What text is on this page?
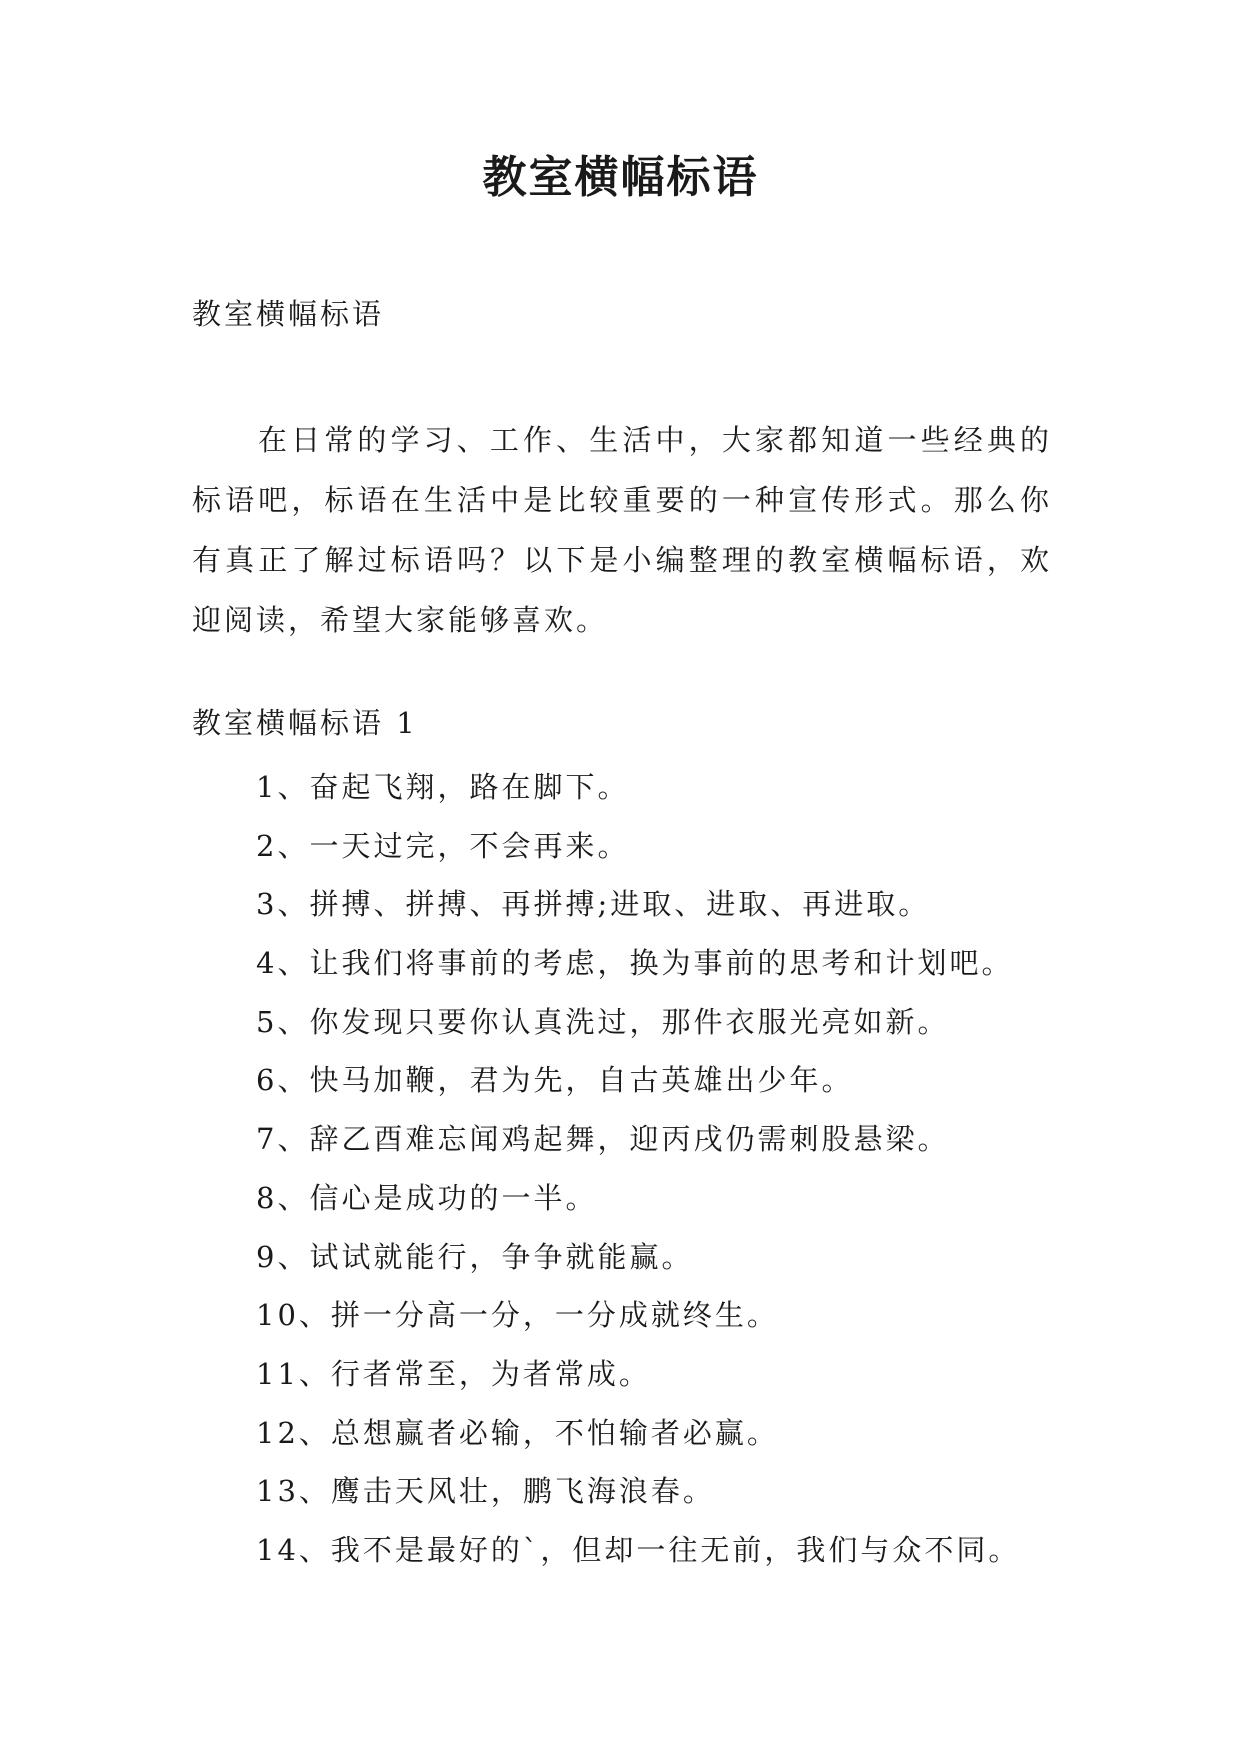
教室横幅标语
教室横幅标语

在日常的学习、工作、生活中，大家都知道一些经典的标语吧，标语在生活中是比较重要的一种宣传形式。那么你有真正了解过标语吗？以下是小编整理的教室横幅标语，欢迎阅读，希望大家能够喜欢。

教室横幅标语 1
1、奋起飞翔，路在脚下。
2、一天过完，不会再来。
3、拼搏、拼搏、再拼搏;进取、进取、再进取。
4、让我们将事前的考虑，换为事前的思考和计划吧。
5、你发现只要你认真洗过，那件衣服光亮如新。
6、快马加鞭，君为先，自古英雄出少年。
7、辞乙酉难忘闻鸡起舞，迎丙戌仍需刺股悬梁。
8、信心是成功的一半。
9、试试就能行，争争就能赢。
10、拼一分高一分，一分成就终生。
11、行者常至，为者常成。
12、总想赢者必输，不怕输者必赢。
13、鹰击天风壮，鹏飞海浪春。
14、我不是最好的`，但却一往无前，我们与众不同。
